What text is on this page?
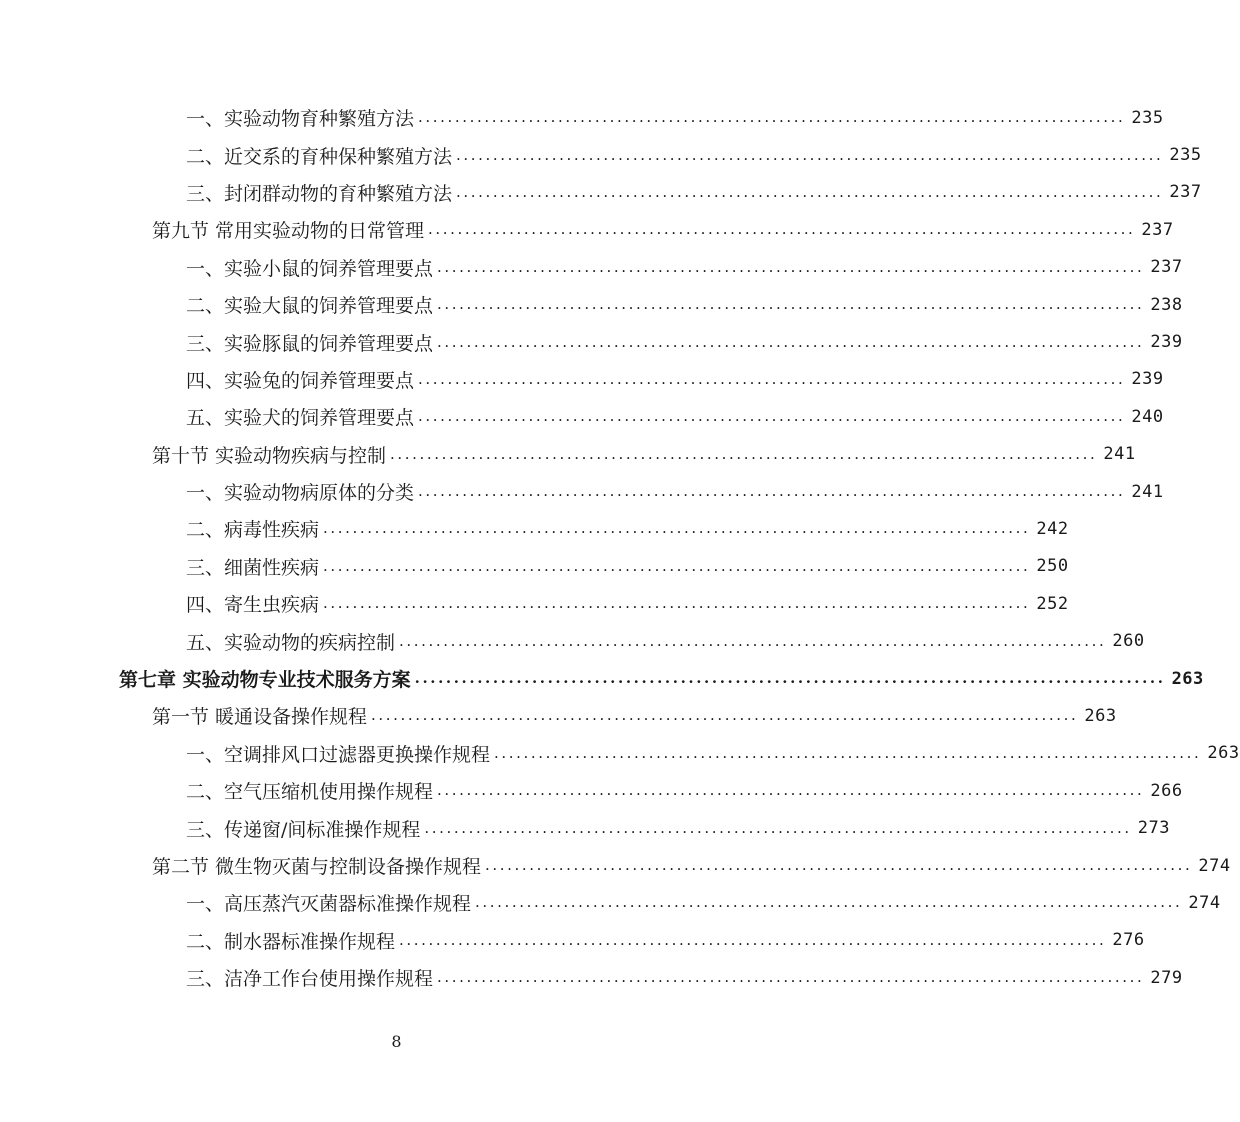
一、实验动物育种繁殖方法 ................................................................................................ 235
二、近交系的育种保种繁殖方法 ................................................................................................ 235
三、封闭群动物的育种繁殖方法 ................................................................................................ 237
第九节 常用实验动物的日常管理 ................................................................................................ 237
一、实验小鼠的饲养管理要点 ................................................................................................ 237
二、实验大鼠的饲养管理要点 ................................................................................................ 238
三、实验豚鼠的饲养管理要点 ................................................................................................ 239
四、实验兔的饲养管理要点 ................................................................................................ 239
五、实验犬的饲养管理要点 ................................................................................................ 240
第十节 实验动物疾病与控制 ................................................................................................ 241
一、实验动物病原体的分类 ................................................................................................ 241
二、病毒性疾病 ................................................................................................ 242
三、细菌性疾病 ................................................................................................ 250
四、寄生虫疾病 ................................................................................................ 252
五、实验动物的疾病控制 ................................................................................................ 260
第七章 实验动物专业技术服务方案 ................................................................................................ 263
第一节 暖通设备操作规程 ................................................................................................ 263
一、空调排风口过滤器更换操作规程 ................................................................................................ 263
二、空气压缩机使用操作规程 ................................................................................................ 266
三、传递窗/间标准操作规程 ................................................................................................ 273
第二节 微生物灭菌与控制设备操作规程 ................................................................................................ 274
一、高压蒸汽灭菌器标准操作规程 ................................................................................................ 274
二、制水器标准操作规程 ................................................................................................ 276
三、洁净工作台使用操作规程 ................................................................................................ 279
8
